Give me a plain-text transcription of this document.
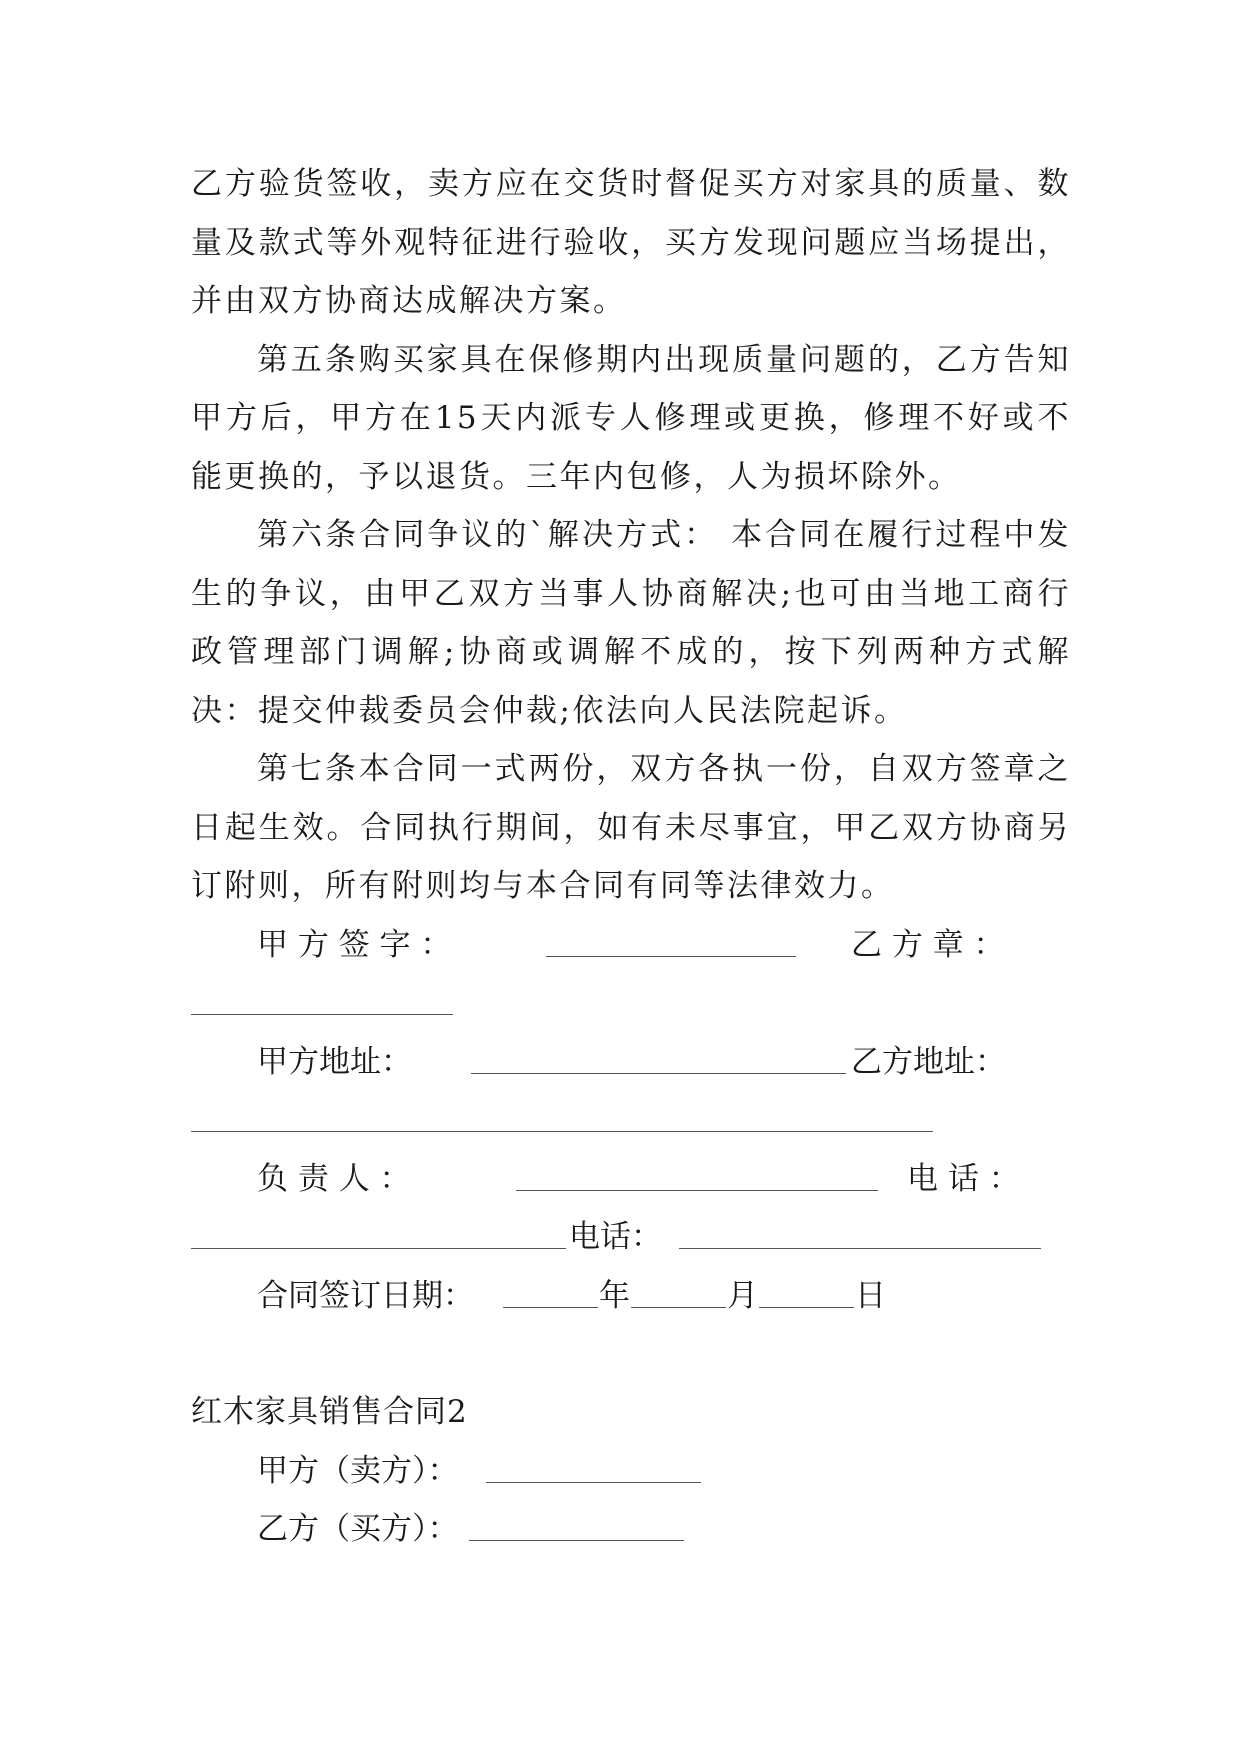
乙方验货签收，卖方应在交货时督促买方对家具的质量、数量及款式等外观特征进行验收，买方发现问题应当场提出，并由双方协商达成解决方案。

第五条购买家具在保修期内出现质量问题的，乙方告知甲方后，甲方在15天内派专人修理或更换，修理不好或不能更换的，予以退货。三年内包修，人为损坏除外。

第六条合同争议的`解决方式： 本合同在履行过程中发生的争议，由甲乙双方当事人协商解决;也可由当地工商行政管理部门调解;协商或调解不成的，按下列两种方式解决：提交仲裁委员会仲裁;依法向人民法院起诉。

第七条本合同一式两份，双方各执一份，自双方签章之日起生效。合同执行期间，如有未尽事宜，甲乙双方协商另订附则，所有附则均与本合同有同等法律效力。

甲 方 签 字 ：	乙 方 章 ：
甲方地址：	乙方地址：
负 责 人 ：	电 话 ：
电话：
合同签订日期：	年	月	日

红木家具销售合同2

甲方（卖方）：
乙方（买方）：
